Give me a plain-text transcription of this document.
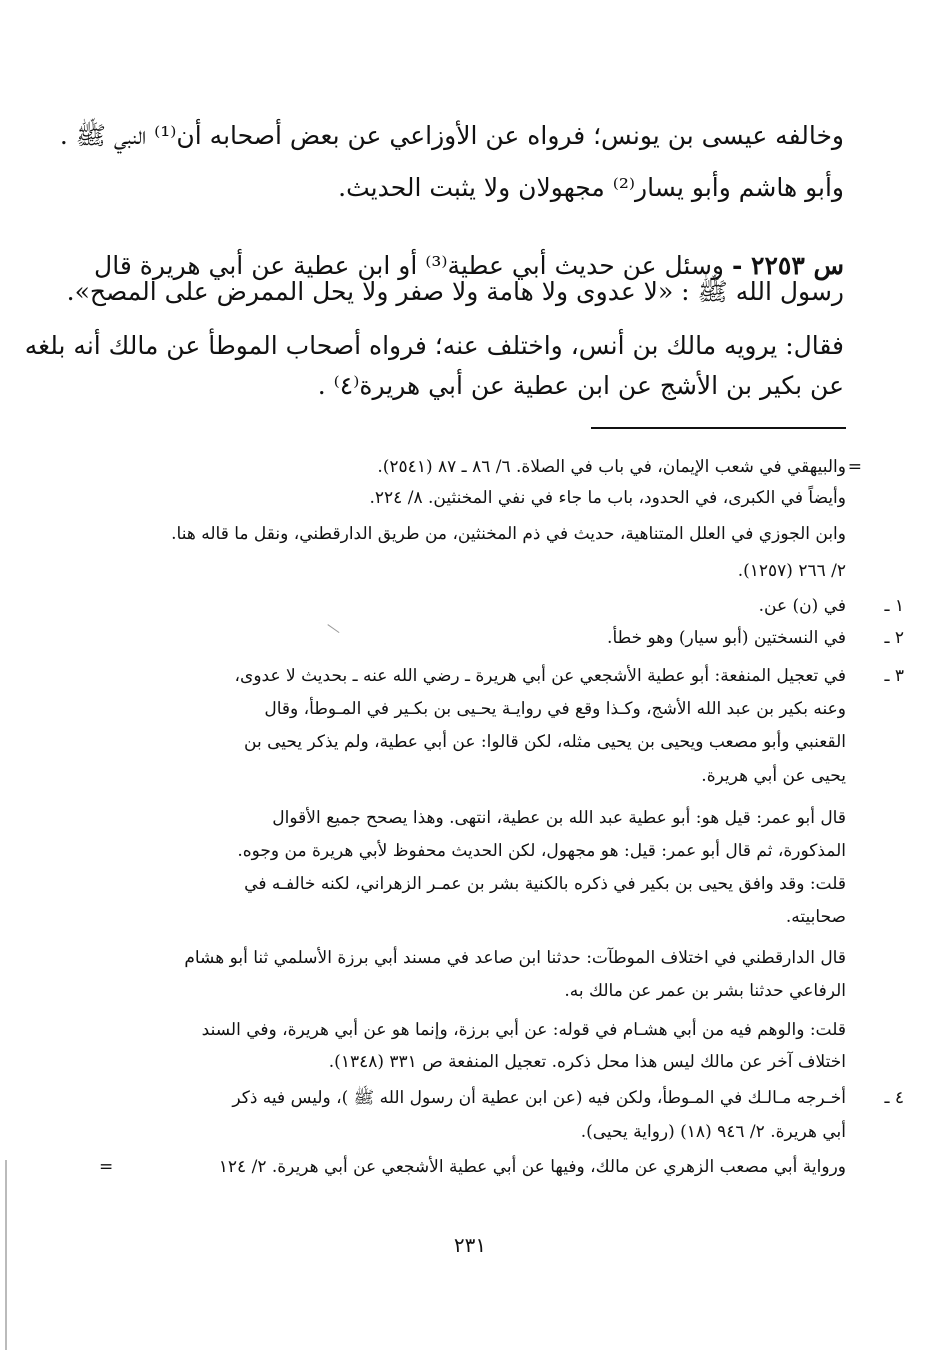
وخالفه عيسى بن يونس؛ فرواه عن الأوزاعي عن بعض أصحابه أن⁽¹⁾ النبي ﷺ .

وأبو هاشم وأبو يسار⁽²⁾ مجهولان ولا يثبت الحديث.

س ٢٢٥٣ - وسئل عن حديث أبي عطية⁽³⁾ أو ابن عطية عن أبي هريرة قال

رسول الله ﷺ : «لا عدوى ولا هامة ولا صفر ولا يحل الممرض على المصح».

فقال: يرويه مالك بن أنس، واختلف عنه؛ فرواه أصحاب الموطأ عن مالك أنه بلغه

عن بكير بن الأشج عن ابن عطية عن أبي هريرة⁽٤⁾ .

=
والبيهقي في شعب الإيمان، في باب في الصلاة. ٦/ ٨٦ ـ ٨٧ (٢٥٤١).

وأيضاً في الكبرى، في الحدود، باب ما جاء في نفي المخنثين. ٨/ ٢٢٤.

وابن الجوزي في العلل المتناهية، حديث في ذم المخنثين، من طريق الدارقطني، ونقل ما قاله هنا.

٢/ ٢٦٦ (١٢٥٧).

١ ـ
في (ن) عن.

٢ ـ
في النسختين (أبو سيار) وهو خطأ.

٣ ـ
في تعجيل المنفعة: أبو عطية الأشجعي عن أبي هريرة ـ رضي الله عنه ـ بحديث لا عدوى،

وعنه بكير بن عبد الله الأشج، وكـذا وقع في روايـة يحـيى بن بكـير في المـوطأ، وقال

القعنبي وأبو مصعب ويحيى بن يحيى مثله، لكن قالوا: عن أبي عطية، ولم يذكر يحيى بن

يحيى عن أبي هريرة.

قال أبو عمر: قيل هو: أبو عطية عبد الله بن عطية، انتهى. وهذا يصحح جميع الأقوال

المذكورة، ثم قال أبو عمر: قيل: هو مجهول، لكن الحديث محفوظ لأبي هريرة من وجوه.

قلت: وقد وافق يحيى بن بكير في ذكره بالكنية بشر بن عمـر الزهراني، لكنه خالفـه في

صحابيته.

قال الدارقطني في اختلاف الموطآت: حدثنا ابن صاعد في مسند أبي برزة الأسلمي ثنا أبو هشام

الرفاعي حدثنا بشر بن عمر عن مالك به.

قلت: والوهم فيه من أبي هشـام في قوله: عن أبي برزة، وإنما هو عن أبي هريرة، وفي السند

اختلاف آخر عن مالك ليس هذا محل ذكره. تعجيل المنفعة ص ٣٣١ (١٣٤٨).

٤ ـ
أخـرجه مـالـك في المـوطأ، ولكن فيه (عن ابن عطية أن رسول الله ﷺ )، وليس فيه ذكر

أبي هريرة. ٢/ ٩٤٦ (١٨) (رواية يحيى).

ورواية أبي مصعب الزهري عن مالك، وفيها عن أبي عطية الأشجعي عن أبي هريرة. ٢/ ١٢٤
=

٢٣١
